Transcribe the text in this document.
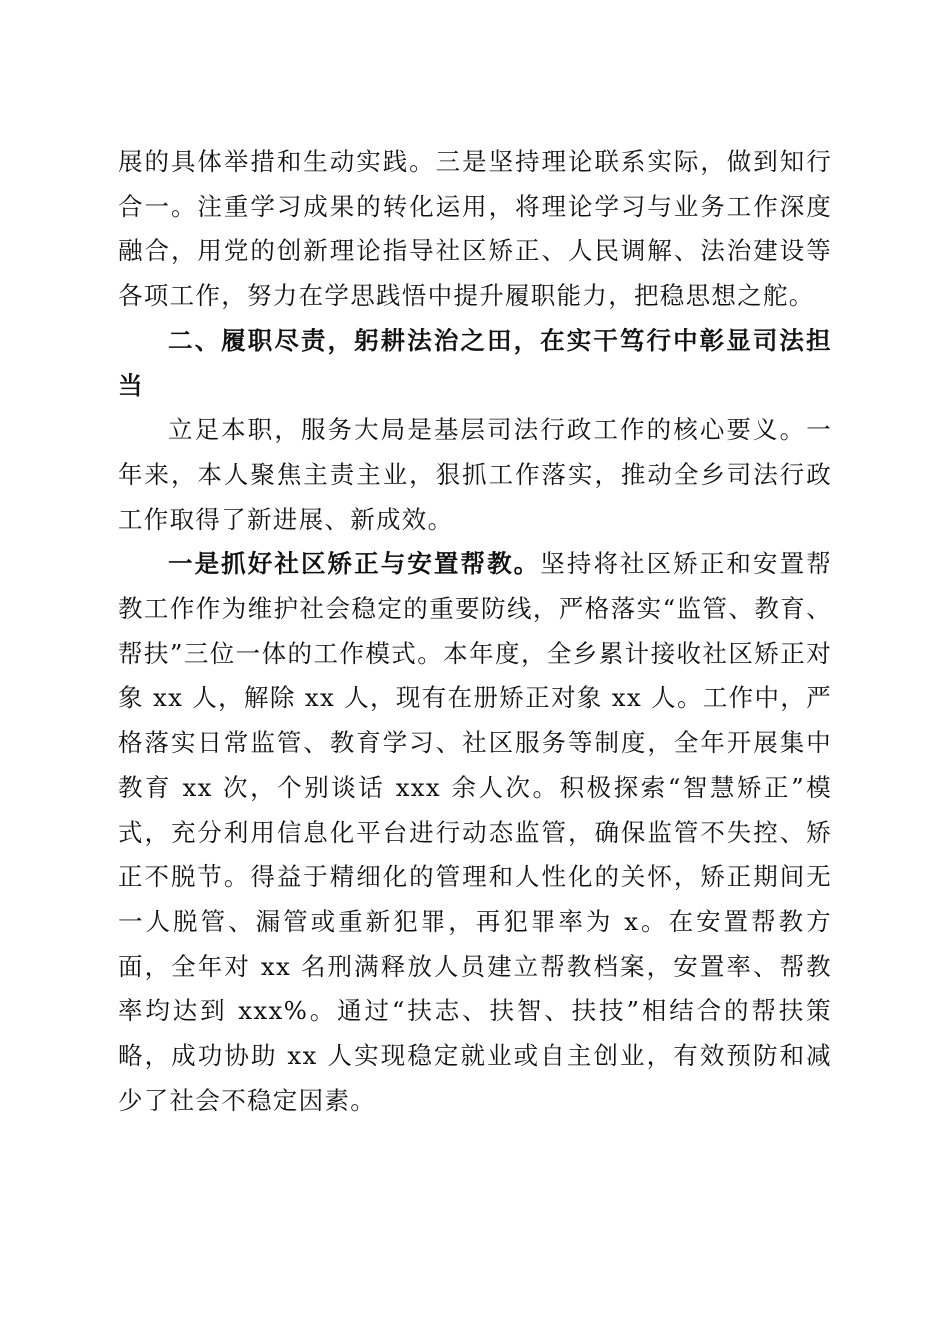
展的具体举措和生动实践。三是坚持理论联系实际，做到知行合一。注重学习成果的转化运用，将理论学习与业务工作深度融合，用党的创新理论指导社区矫正、人民调解、法治建设等各项工作，努力在学思践悟中提升履职能力，把稳思想之舵。

二、履职尽责，躬耕法治之田，在实干笃行中彰显司法担当

立足本职，服务大局是基层司法行政工作的核心要义。一年来，本人聚焦主责主业，狠抓工作落实，推动全乡司法行政工作取得了新进展、新成效。

一是抓好社区矫正与安置帮教。坚持将社区矫正和安置帮教工作作为维护社会稳定的重要防线，严格落实“监管、教育、帮扶”三位一体的工作模式。本年度，全乡累计接收社区矫正对象 xx 人，解除 xx 人，现有在册矫正对象 xx 人。工作中，严格落实日常监管、教育学习、社区服务等制度，全年开展集中教育 xx 次，个别谈话 xxx 余人次。积极探索“智慧矫正”模式，充分利用信息化平台进行动态监管，确保监管不失控、矫正不脱节。得益于精细化的管理和人性化的关怀，矫正期间无一人脱管、漏管或重新犯罪，再犯罪率为 x。在安置帮教方面，全年对 xx 名刑满释放人员建立帮教档案，安置率、帮教率均达到 xxx%。通过“扶志、扶智、扶技”相结合的帮扶策略，成功协助 xx 人实现稳定就业或自主创业，有效预防和减少了社会不稳定因素。
